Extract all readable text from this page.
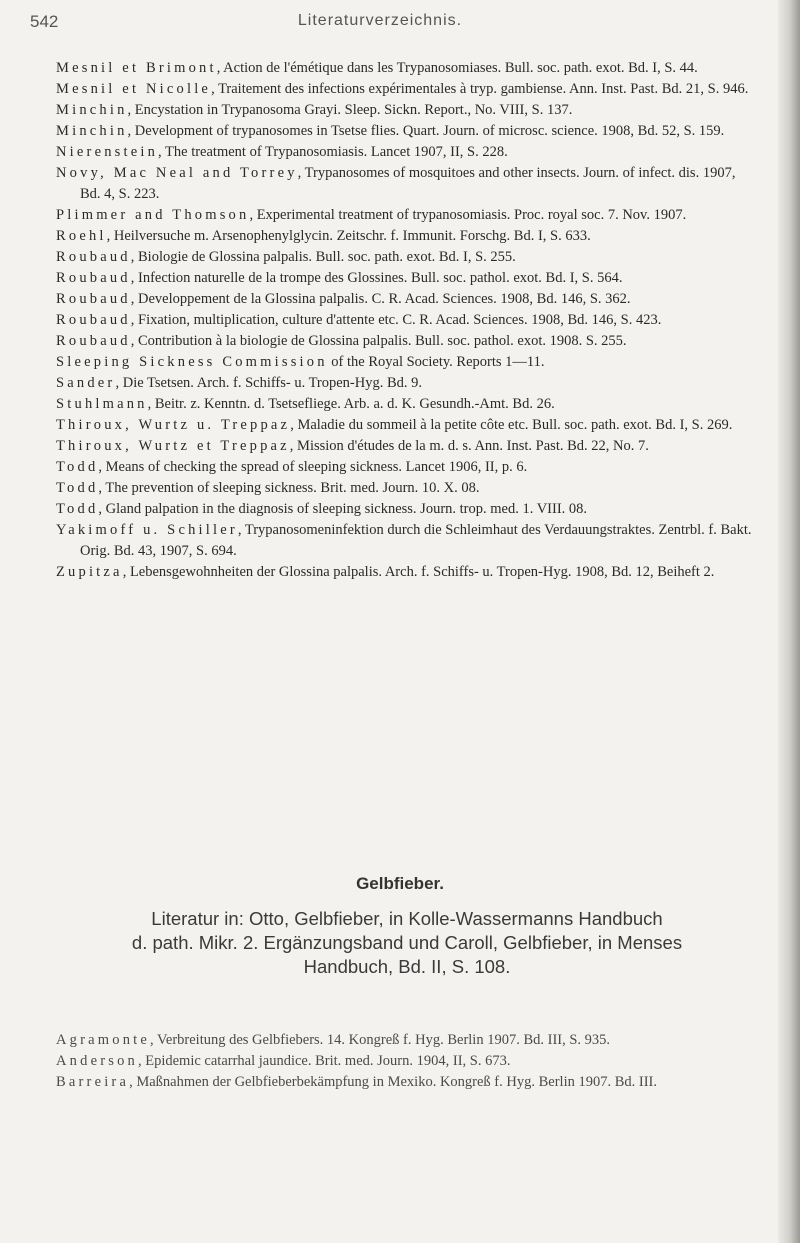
542	Literaturverzeichnis.
Mesnil et Brimont, Action de l'émétique dans les Trypanosomiases. Bull. soc. path. exot. Bd. I, S. 44.
Mesnil et Nicolle, Traitement des infections expérimentales à tryp. gambiense. Ann. Inst. Past. Bd. 21, S. 946.
Minchin, Encystation in Trypanosoma Grayi. Sleep. Sickn. Report., No. VIII, S. 137.
Minchin, Development of trypanosomes in Tsetse flies. Quart. Journ. of microsc. science. 1908, Bd. 52, S. 159.
Nierenstein, The treatment of Trypanosomiasis. Lancet 1907, II, S. 228.
Novy, Mac Neal and Torrey, Trypanosomes of mosquitoes and other insects. Journ. of infect. dis. 1907, Bd. 4, S. 223.
Plimmer and Thomson, Experimental treatment of trypanosomiasis. Proc. royal soc. 7. Nov. 1907.
Roehl, Heilversuche m. Arsenophenylglycin. Zeitschr. f. Immunit. Forschg. Bd. I, S. 633.
Roubaud, Biologie de Glossina palpalis. Bull. soc. path. exot. Bd. I, S. 255.
Roubaud, Infection naturelle de la trompe des Glossines. Bull. soc. pathol. exot. Bd. I, S. 564.
Roubaud, Developpement de la Glossina palpalis. C. R. Acad. Sciences. 1908, Bd. 146, S. 362.
Roubaud, Fixation, multiplication, culture d'attente etc. C. R. Acad. Sciences. 1908, Bd. 146, S. 423.
Roubaud, Contribution à la biologie de Glossina palpalis. Bull. soc. pathol. exot. 1908. S. 255.
Sleeping Sickness Commission of the Royal Society. Reports 1—11.
Sander, Die Tsetsen. Arch. f. Schiffs- u. Tropen-Hyg. Bd. 9.
Stuhlmann, Beitr. z. Kenntn. d. Tsetsefliege. Arb. a. d. K. Gesundh.-Amt. Bd. 26.
Thiroux, Wurtz u. Treppaz, Maladie du sommeil à la petite côte etc. Bull. soc. path. exot. Bd. I, S. 269.
Thiroux, Wurtz et Treppaz, Mission d'études de la m. d. s. Ann. Inst. Past. Bd. 22, No. 7.
Todd, Means of checking the spread of sleeping sickness. Lancet 1906, II, p. 6.
Todd, The prevention of sleeping sickness. Brit. med. Journ. 10. X. 08.
Todd, Gland palpation in the diagnosis of sleeping sickness. Journ. trop. med. 1. VIII. 08.
Yakimoff u. Schiller, Trypanosomeninfektion durch die Schleimhaut des Verdauungstraktes. Zentrbl. f. Bakt. Orig. Bd. 43, 1907, S. 694.
Zupitza, Lebensgewohnheiten der Glossina palpalis. Arch. f. Schiffs- u. Tropen-Hyg. 1908, Bd. 12, Beiheft 2.
Gelbfieber.
Literatur in: Otto, Gelbfieber, in Kolle-Wassermanns Handbuch
d. path. Mikr. 2. Ergänzungsband und Caroll, Gelbfieber, in Menses
Handbuch, Bd. II, S. 108.
Agramonte, Verbreitung des Gelbfiebers. 14. Kongreß f. Hyg. Berlin 1907. Bd. III, S. 935.
Anderson, Epidemic catarrhal jaundice. Brit. med. Journ. 1904, II, S. 673.
Barreira, Maßnahmen der Gelbfieberbekämpfung in Mexiko. Kongreß f. Hyg. Berlin 1907. Bd. III.
